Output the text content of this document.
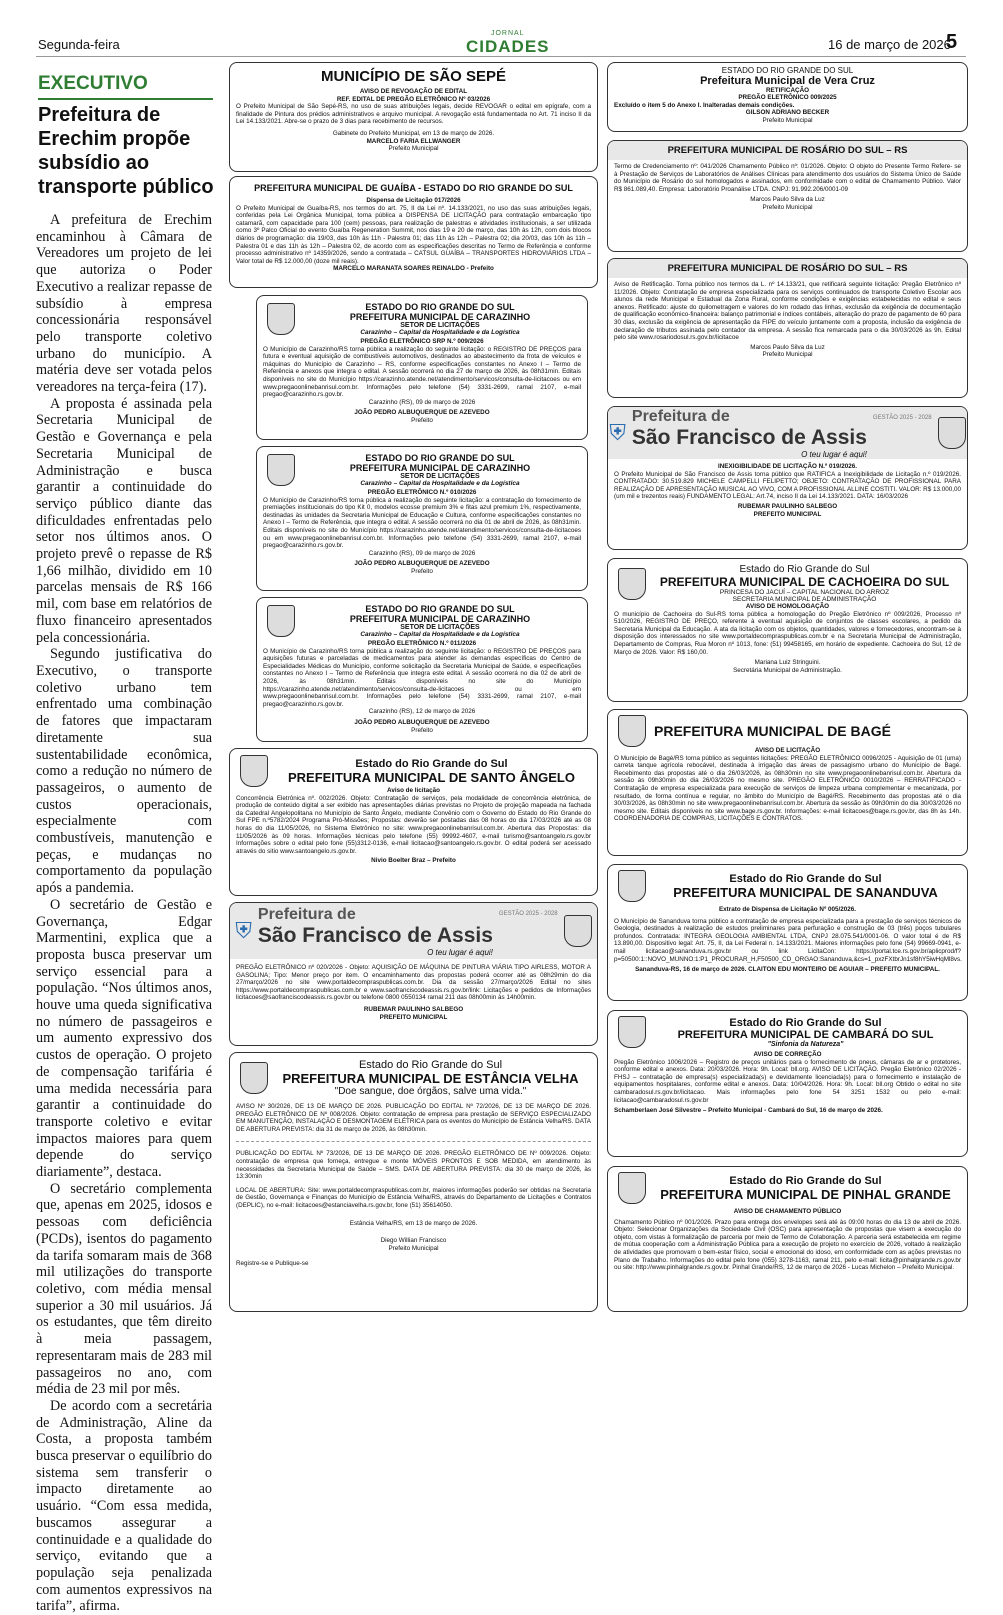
Segunda-feira
JORNAL
CIDADES	16 de março de 2026
5
EXECUTIVO
Prefeitura de Erechim propõe subsídio ao transporte público

A prefeitura de Erechim encaminhou à Câmara de Vereadores um projeto de lei que autoriza o Poder Executivo a realizar repasse de subsídio à empresa concessionária responsável pelo transporte coletivo urbano do município. A matéria deve ser votada pelos vereadores na terça-feira (17).

A proposta é assinada pela Secretaria Municipal de Gestão e Governança e pela Secretaria Municipal de Administração e busca garantir a continuidade do serviço público diante das dificuldades enfrentadas pelo setor nos últimos anos. O projeto prevê o repasse de R$ 1,66 milhão, dividido em 10 parcelas mensais de R$ 166 mil, com base em relatórios de fluxo financeiro apresentados pela concessionária.

Segundo justificativa do Executivo, o transporte coletivo urbano tem enfrentado uma combinação de fatores que impactaram diretamente sua sustentabilidade econômica, como a redução no número de passageiros, o aumento de custos operacionais, especialmente com combustíveis, manutenção e peças, e mudanças no comportamento da população após a pandemia.

O secretário de Gestão e Governança, Edgar Marmentini, explica que a proposta busca preservar um serviço essencial para a população. “Nos últimos anos, houve uma queda significativa no número de passageiros e um aumento expressivo dos custos de operação. O projeto de compensação tarifária é uma medida necessária para garantir a continuidade do transporte coletivo e evitar impactos maiores para quem depende do serviço diariamente”, destaca.

O secretário complementa que, apenas em 2025, idosos e pessoas com deficiência (PCDs), isentos do pagamento da tarifa somaram mais de 368 mil utilizações do transporte coletivo, com média mensal superior a 30 mil usuários. Já os estudantes, que têm direito à meia passagem, representaram mais de 283 mil passageiros no ano, com média de 23 mil por mês.

De acordo com a secretária de Administração, Aline da Costa, a proposta também busca preservar o equilíbrio do sistema sem transferir o impacto diretamente ao usuário. “Com essa medida, buscamos assegurar a continuidade e a qualidade do serviço, evitando que a população seja penalizada com aumentos expressivos na tarifa”, afirma.

MUNICÍPIO DE SÃO SEPÉ
AVISO DE REVOGAÇÃO DE EDITAL
REF. EDITAL DE PREGÃO ELETRÔNICO Nº 03/2026
O Prefeito Municipal de São Sepé-RS, no uso de suas atribuições legais, decide REVOGAR o edital em epígrafe, com a finalidade de Pintura dos prédios administrativos e arquivo municipal. A revogação está fundamentada no Art. 71 inciso II da Lei 14.133/2021. Abre-se o prazo de 3 dias para recebimento de recursos.
Gabinete do Prefeito Municipal, em 13 de março de 2026.
MARCELO FARIA ELLWANGER
Prefeito Municipal
PREFEITURA MUNICIPAL DE GUAÍBA - ESTADO DO RIO GRANDE DO SUL
Dispensa de Licitação 017/2026
O Prefeito Municipal de Guaíba-RS, nos termos do art. 75, II da Lei nº. 14.133/2021, no uso das suas atribuições legais, conferidas pela Lei Orgânica Municipal, torna pública a DISPENSA DE LICITAÇÃO para contratação embarcação tipo catamarã, com capacidade para 100 (cem) pessoas, para realização de palestras e atividades institucionais, a ser utilizada como 3º Palco Oficial do evento Guaíba Regeneration Summit, nos dias 19 e 20 de março, das 10h às 12h, com dois blocos diários de programação: dia 19/03, das 10h às 11h - Palestra 01; das 11h às 12h – Palestra 02; dia 20/03, das 10h às 11h – Palestra 01 e das 11h às 12h – Palestra 02, de acordo com as especificações descritas no Termo de Referência e conforme processo administrativo nº 14359/2026, sendo a contratada – CATSUL GUAÍBA – TRANSPORTES HIDROVIÁRIOS LTDA – Valor total de R$ 12.000,00 (doze mil reais).
MARCELO MARANATA SOARES REINALDO - Prefeito
ESTADO DO RIO GRANDE DO SUL
PREFEITURA MUNICIPAL DE CARAZINHO
SETOR DE LICITAÇÕES
Carazinho – Capital da Hospitalidade e da Logística
PREGÃO ELETRÔNICO SRP N.º 009/2026
O Município de Carazinho/RS torna pública a realização do seguinte licitação: o REGISTRO DE PREÇOS para futura e eventual aquisição de combustíveis automotivos, destinados ao abastecimento da frota de veículos e máquinas do Município de Carazinho – RS, conforme especificações constantes no Anexo I – Termo de Referência e anexos que integra o edital. A sessão ocorrerá no dia 27 de março de 2026, às 08h31min. Editais disponíveis no site do Município https://carazinho.atende.net/atendimento/servicos/consulta-de-licitacoes ou em www.pregaoonlinebanrisul.com.br. Informações pelo telefone (54) 3331-2699, ramal 2107, e-mail pregao@carazinho.rs.gov.br.
Carazinho (RS), 09 de março de 2026
JOÃO PEDRO ALBUQUERQUE DE AZEVEDO
Prefeito
ESTADO DO RIO GRANDE DO SUL
PREFEITURA MUNICIPAL DE CARAZINHO
SETOR DE LICITAÇÕES
Carazinho – Capital da Hospitalidade e da Logística
PREGÃO ELETRÔNICO N.º 010/2026
O Município de Carazinho/RS torna pública a realização do seguinte licitação: a contratação do fornecimento de premiações institucionais do tipo Kit 0, modelos ecosse premium 3% e fitas azul premium 1%, respectivamente, destinadas às unidades da Secretaria Municipal de Educação e Cultura, conforme especificações constantes no Anexo I – Termo de Referência, que integra o edital. A sessão ocorrerá no dia 01 de abril de 2026, às 08h31min. Editais disponíveis no site do Município https://carazinho.atende.net/atendimento/servicos/consulta-de-licitacoes ou em www.pregaoonlinebanrisul.com.br. Informações pelo telefone (54) 3331-2699, ramal 2107, e-mail pregao@carazinho.rs.gov.br.
Carazinho (RS), 09 de março de 2026
JOÃO PEDRO ALBUQUERQUE DE AZEVEDO
Prefeito
ESTADO DO RIO GRANDE DO SUL
PREFEITURA MUNICIPAL DE CARAZINHO
SETOR DE LICITAÇÕES
Carazinho – Capital da Hospitalidade e da Logística
PREGÃO ELETRÔNICO N.º 011/2026
O Município de Carazinho/RS torna pública a realização do seguinte licitação: o REGISTRO DE PREÇOS para aquisições futuras e parceladas de medicamentos para atender às demandas específicas do Centro de Especialidades Médicas do Município, conforme solicitação da Secretaria Municipal de Saúde, e especificações constantes no Anexo I – Termo de Referência que integra este edital. A sessão ocorrerá no dia 02 de abril de 2026, às 08h31min. Editais disponíveis no site do Município https://carazinho.atende.net/atendimento/servicos/consulta-de-licitacoes ou em www.pregaoonlinebanrisul.com.br. Informações pelo telefone (54) 3331-2699, ramal 2107, e-mail pregao@carazinho.rs.gov.br.
Carazinho (RS), 12 de março de 2026
JOÃO PEDRO ALBUQUERQUE DE AZEVEDO
Prefeito
Estado do Rio Grande do Sul
PREFEITURA MUNICIPAL DE SANTO ÂNGELO
Aviso de licitação
Concorrência Eletrônica nº. 002/2026. Objeto: Contratação de serviços, pela modalidade de concorrência eletrônica, de produção de conteúdo digital a ser exibido nas apresentações diárias previstas no Projeto de projeção mapeada na fachada da Catedral Angelopolitana no Município de Santo Ângelo, mediante Convênio com o Governo do Estado do Rio Grande do Sul FPE n.º5782/2024 Programa Pró-Missões; Propostas: deverão ser postadas das 08 horas do dia 17/03/2026 até as 08 horas do dia 11/05/2026, no Sistema Eletrônico no site: www.pregaoonlinebanrisul.com.br. Abertura das Propostas: dia 11/05/2026 às 09 horas. Informações técnicas pelo telefone (55) 99992-4607, e-mail turismo@santoangelo.rs.gov.br Informações sobre o edital pelo fone (55)3312-0136, e-mail licitacao@santoangelo.rs.gov.br. O edital poderá ser acessado através do sitio www.santoangelo.rs.gov.br.
Nivio Boelter Braz – Prefeito
⛨
Prefeitura de
São Francisco de Assis
O teu lugar é aqui!
GESTÃO 2025 - 2028
PREGÃO ELETRÔNICO nº 020/2026 - Objeto: AQUISIÇÃO DE MÁQUINA DE PINTURA VIÁRIA TIPO AIRLESS, MOTOR A GASOLINA; Tipo: Menor preço por item. O encaminhamento das propostas poderá ocorrer até as 08h29min do dia 27/março/2026 no site www.portaldecompraspublicas.com.br. Dia da sessão 27/março/2026 Edital no sites https://www.portaldecompraspublicas.com.br e www.saofranciscodeassis.rs.gov.br/link: Licitações e pedidos de Informações licitacoes@saofranciscodeassis.rs.gov.br ou telefone 0800 0550134 ramal 211 das 08h00min às 14h00min.
RUBEMAR PAULINHO SALBEGO
PREFEITO MUNICIPAL
Estado do Rio Grande do Sul
PREFEITURA MUNICIPAL DE ESTÂNCIA VELHA
"Doe sangue, doe órgãos, salve uma vida."
AVISO Nº 30/2026, DE 13 DE MARÇO DE 2026. PUBLICAÇÃO DO EDITAL Nº 72/2026, DE 13 DE MARÇO DE 2026. PREGÃO ELETRÔNICO DE Nº 008/2026. Objeto: contratação de empresa para prestação de SERVIÇO ESPECIALIZADO EM MANUTENÇÃO, INSTALAÇÃO E DESMONTAGEM ELÉTRICA para os eventos do Município de Estância Velha/RS. DATA DE ABERTURA PREVISTA: dia 31 de março de 2026, às 08h30min.
PUBLICAÇÃO DO EDITAL Nº 73/2026, DE 13 DE MARÇO DE 2026. PREGÃO ELETRÔNICO DE Nº 009/2026. Objeto: contratação de empresa que forneça, entregue e monte MÓVEIS PRONTOS E SOB MEDIDA, em atendimento às necessidades da Secretaria Municipal de Saúde – SMS. DATA DE ABERTURA PREVISTA: dia 30 de março de 2026, às 13:30min
LOCAL DE ABERTURA: Site: www.portaldecompraspublicas.com.br, maiores informações poderão ser obtidas na Secretaria de Gestão, Governança e Finanças do Município de Estância Velha/RS, através do Departamento de Licitações e Contratos (DEPLIC), no e-mail: licitacoes@estanciavelha.rs.gov.br, fone (51) 35614050.
Estância Velha/RS, em 13 de março de 2026.
Diego Willian Francisco
Prefeito Municipal
Registre-se e Publique-se
ESTADO DO RIO GRANDE DO SUL
Prefeitura Municipal de Vera Cruz
RETIFICAÇÃO
PREGÃO ELETRÔNICO 009/2025
Excluído o item 5 do Anexo I. Inalteradas demais condições.
GILSON ADRIANO BECKER
Prefeito Municipal
PREFEITURA MUNICIPAL DE ROSÁRIO DO SUL – RS
Termo de Credenciamento nº: 041/2026 Chamamento Público nº: 01/2026. Objeto: O objeto do Presente Termo Refere- se à Prestação de Serviços de Laboratórios de Análises Clínicas para atendimento dos usuários do Sistema Único de Saúde do Município de Rosário do sul homologados e assinados, em conformidade com o edital de Chamamento Público. Valor R$ 861.089,40. Empresa: Laboratório Proanálise LTDA. CNPJ: 91.992.206/0001-09
Marcos Paulo Silva da Luz
Prefeito Municipal
PREFEITURA MUNICIPAL DE ROSÁRIO DO SUL – RS
Aviso de Retificação. Torna público nos termos da L. nº 14.133/21, que retificará seguinte licitação: Pregão Eletrônico nº 11/2026. Objeto: Contratação de empresa especializada para os serviços continuados de transporte Coletivo Escolar aos alunos da rede Municipal e Estadual da Zona Rural, conforme condições e exigências estabelecidas no edital e seus anexos. Retificado: ajuste do quilometragem e valores do km rodado das linhas, exclusão da exigência de documentação de qualificação econômico-financeira: balanço patrimonial e índices contábeis, alteração do prazo de pagamento de 60 para 30 dias, exclusão da exigência de apresentação da FIPE do veículo juntamente com a proposta, inclusão da exigência de declaração de tributos assinada pelo contador da empresa. A sessão fica remarcada para o dia 30/03/2026 às 9h. Edital pelo site www.rosariodosul.rs.gov.br/licitacoe
Marcos Paulo Silva da Luz
Prefeito Municipal
⛨
Prefeitura de
São Francisco de Assis
O teu lugar é aqui!
GESTÃO 2025 - 2028
INEXIGIBILIDADE DE LICITAÇÃO N.º 019/2026.
O Prefeito Municipal de São Francisco de Assis torna público que RATIFICA a Inexigibilidade de Licitação n.º 019/2026. CONTRATADO: 30.519.829 MICHELE CAMPELLI FELIPETTO; OBJETO: CONTRATAÇÃO DE PROFISSIONAL PARA REALIZAÇÃO DE APRESENTAÇÃO MUSICAL AO VIVO, COM A PROFISSIONAL ALLINE COSTITI. VALOR: R$ 13.000,00 (um mil e trezentos reais) FUNDAMENTO LEGAL: Art.74, inciso II da Lei 14.133/2021. DATA: 16/03/2026
RUBEMAR PAULINHO SALBEGO
PREFEITO MUNICIPAL
Estado do Rio Grande do Sul
PREFEITURA MUNICIPAL DE CACHOEIRA DO SUL
PRINCESA DO JACUÍ – CAPITAL NACIONAL DO ARROZ
SECRETARIA MUNICIPAL DE ADMINISTRAÇÃO
AVISO DE HOMOLOGAÇÃO
O município de Cachoeira do Sul-RS torna pública a homologação do Pregão Eletrônico nº 009/2026, Processo nº 510/2026, REGISTRO DE PREÇO, referente à eventual aquisição de conjuntos de classes escolares, a pedido da Secretaria Municipal da Educação. A ata da licitação com os objetos, quantidades, valores e fornecedores, encontram-se à disposição dos interessados no site www.portaldecompraspublicas.com.br e na Secretaria Municipal de Administração, Departamento de Compras, Rua Moron nº 1013, fone: (51) 99458165, em horário de expediente. Cachoeira do Sul, 12 de Março de 2026. Valor: R$ 160,00.
Mariana Luiz Stringuini.
Secretária Municipal de Administração.
PREFEITURA MUNICIPAL DE BAGÉ
AVISO DE LICITAÇÃO
O Município de Bagé/RS torna público as seguintes licitações: PREGÃO ELETRÔNICO 0096/2025 - Aquisição de 01 (uma) carreta tanque agrícola rebocável, destinada à irrigação das áreas de passagismo urbano do Município de Bagé. Recebimento das propostas até o dia 26/03/2026, às 08h30min no site www.pregaoonlinebanrisul.com.br. Abertura da sessão às 09h30min do dia 26/03/2026 no mesmo site. PREGÃO ELETRÔNICO 0010/2026 – RERRATIFICADO - Contratação de empresa especializada para execução de serviços de limpeza urbana complementar e mecanizada, por resultado, de forma contínua e regular, no âmbito do Município de Bagé/RS. Recebimento das propostas até o dia 30/03/2026, às 08h30min no site www.pregaoonlinebanrisul.com.br. Abertura da sessão às 09h30min do dia 30/03/2026 no mesmo site. Editais disponíveis no site www.bage.rs.gov.br. Informações: e-mail licitacoes@bage.rs.gov.br, das 8h às 14h. COORDENADORIA DE COMPRAS, LICITAÇÕES E CONTRATOS.
Estado do Rio Grande do Sul
PREFEITURA MUNICIPAL DE SANANDUVA
Extrato de Dispensa de Licitação Nº 005/2026.
O Município de Sananduva torna público a contratação de empresa especializada para a prestação de serviços técnicos de Geologia, destinados à realização de estudos preliminares para perfuração e construção de 03 (três) poços tubulares profundos. Contratada: INTEGRA GEOLOGIA AMBIENTAL LTDA, CNPJ 28.075.541/0001-06. O valor total é de R$ 13.890,00. Dispositivo legal: Art. 75, II, da Lei Federal n. 14.133/2021. Maiores informações pelo fone (54) 99669-0941, e-mail licitacao@sananduva.rs.gov.br ou link LicitaCon: https://portal.tce.rs.gov.br/aplicprod/f?p=50500:1::NOVO_MUNNO:1:P1_PROCURAR_H,F50500_CD_ORGAO:Sananduva,&cs=1_pxzFXtbrJn1sf8hY5iwHqMl8vs.
Sananduva-RS, 16 de março de 2026. CLAITON EDU MONTEIRO DE AGUIAR – PREFEITO MUNICIPAL.
Estado do Rio Grande do Sul
PREFEITURA MUNICIPAL DE CAMBARÁ DO SUL
"Sinfonia da Natureza"
AVISO DE CORREÇÃO
Pregão Eletrônico 1006/2026 – Registro de preços unitários para o fornecimento de pneus, câmaras de ar e protetores, conforme edital e anexos. Data: 20/03/2026. Hora: 9h. Local: bll.org. AVISO DE LICITAÇÃO. Pregão Eletrônico 02/2026 - FHSJ – contratação de empresa(s) especializada(s) e devidamente licenciada(s) para o fornecimento e instalação de equipamentos hospitalares, conforme edital e anexos. Data: 10/04/2026. Hora: 9h. Local: bll.org Obtido o edital no site cambaradosul.rs.gov.br/licitacao. Mais informações pelo fone 54 3251 1532 ou pelo e-mail: licitacao@cambaradosul.rs.gov.br
Schamberlaen José Silvestre – Prefeito Municipal - Cambará do Sul, 16 de março de 2026.
Estado do Rio Grande do Sul
PREFEITURA MUNICIPAL DE PINHAL GRANDE
AVISO DE CHAMAMENTO PÚBLICO
Chamamento Público nº 001/2026. Prazo para entrega dos envelopes será até às 09:00 horas do dia 13 de abril de 2026. Objeto: Selecionar Organizações da Sociedade Civil (OSC) para apresentação de propostas que visem a execução do objeto, com vistas à formalização de parceria por meio de Termo de Colaboração. A parceria será estabelecida em regime de mútua cooperação com a Administração Pública para a execução de projeto no exercício de 2026, voltado à realização de atividades que promovam o bem-estar físico, social e emocional do idoso, em conformidade com as ações previstas no Plano de Trabalho. Informações do edital pelo fone (055) 3278-1163, ramal 211, pelo e-mail: licita@pinhalgrande.rs.gov.br ou site: http://www.pinhalgrande.rs.gov.br. Pinhal Grande/RS, 12 de março de 2026 - Lucas Michelon – Prefeito Municipal.
